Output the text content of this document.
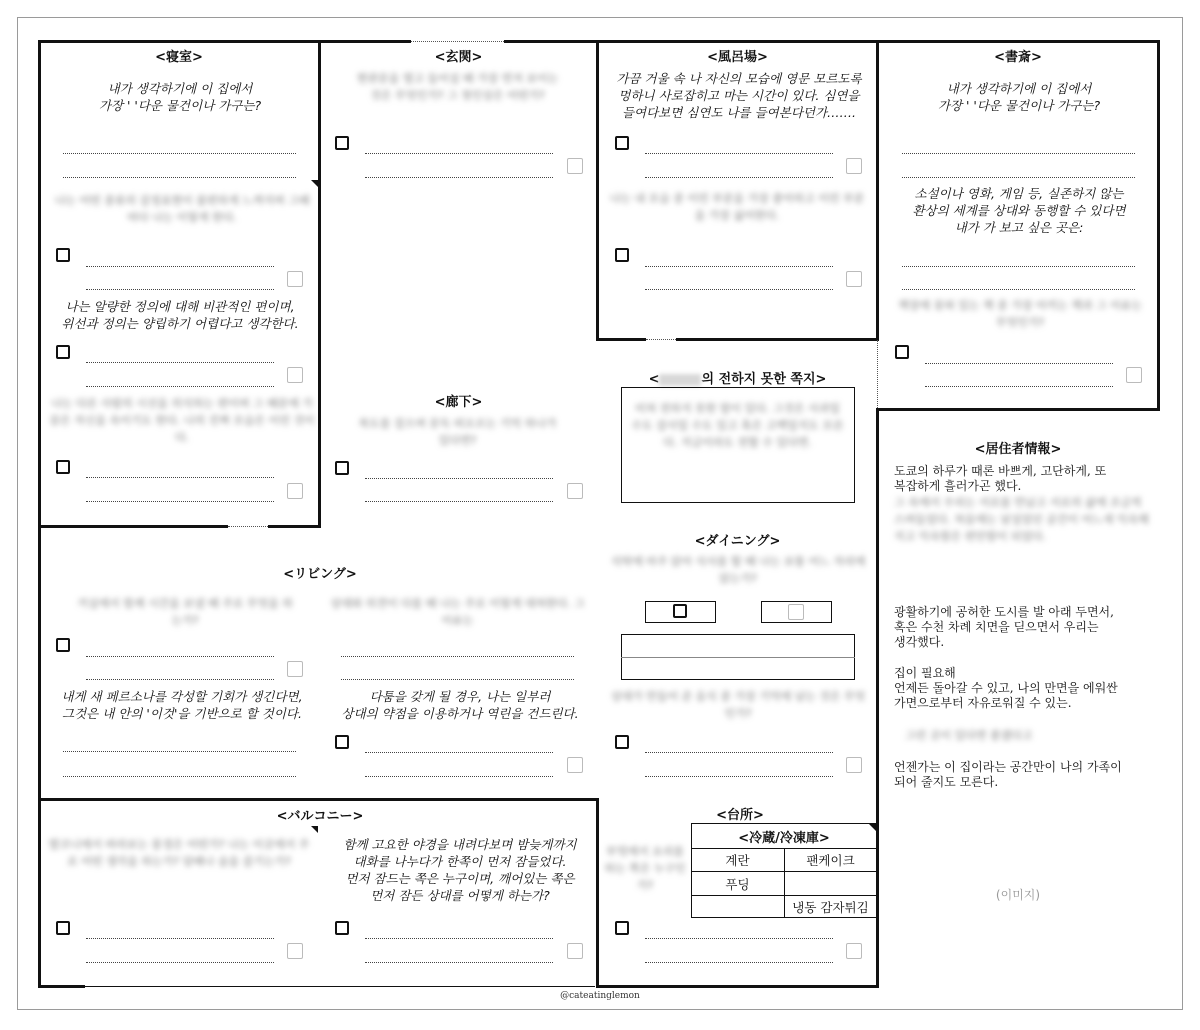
<寝室>
내가 생각하기에 이 집에서
가장 ' '다운 물건이나 가구는?
나는 어떤 종류의 감정표현이 불편하게 느껴지며 그때마다 나는 이렇게 한다.
나는 알량한 정의에 대해 비관적인 편이며,
위선과 정의는 양립하기 어렵다고 생각한다.
나는 다른 사람의 시선을 의식하는 편이며 그 때문에 가끔은 자신을 속이기도 한다. 나의 진짜 모습은 이런 것이다.
<玄関>
현관문을 열고 들어설 때 가장 먼저 보이는 것은 무엇인가? 그 첫인상은 어떤가?
<廊下>
복도를 걸으며 문득 떠오르는 기억 하나가 있다면?
<風呂場>
가끔 거울 속 나 자신의 모습에 영문 모르도록
멍하니 사로잡히고 마는 시간이 있다. 심연을
들여다보면 심연도 나를 들여본다던가…….
나는 내 모습 중 이런 부분을 가장 좋아하고 이런 부분을 가장 싫어한다.
<書斎>
내가 생각하기에 이 집에서
가장 ' '다운 물건이나 가구는?
소설이나 영화, 게임 등, 실존하지 않는
환상의 세계를 상대와 동행할 수 있다면
내가 가 보고 싶은 곳은:
책장에 꽂혀 있는 책 중 가장 아끼는 책과 그 이유는 무엇인가?
<	의 전하지 못한 쪽지>
미처 전하지 못한 말이 있다. 그것은 사과일 수도 감사일 수도 있고 혹은 고백일지도 모른다. 지금이라도 전할 수 있다면.
<リビング>
거실에서 함께 시간을 보낼 때 주로 무엇을 하는가?
상대와 의견이 다를 때 나는 주로 이렇게 대처한다. 그 이유는
내게 새 페르소나를 각성할 기회가 생긴다면,
그것은 내 안의 '이것'을 기반으로 할 것이다.
다툼을 갖게 될 경우, 나는 일부러
상대의 약점을 이용하거나 역린을 건드린다.
<ダイニング>
식탁에 마주 앉아 식사를 할 때 나는 보통 어느 자리에 앉는가?
상대가 만들어 준 음식 중 가장 기억에 남는 것은 무엇인가?
<バルコニー>
발코니에서 바라보는 풍경은 어떤가? 나는 이곳에서 주로 어떤 생각을 하는가? 담배나 술을 즐기는가?
함께 고요한 야경을 내려다보며 밤늦게까지
대화를 나누다가 한쪽이 먼저 잠들었다.
먼저 잠드는 쪽은 누구이며, 깨어있는 쪽은
먼저 잠든 상대를 어떻게 하는가?
<台所>
부엌에서 요리를 하는 쪽은 누구인가?
<冷蔵/冷凍庫>
계란	팬케이크
푸딩
냉동 감자튀김
<居住者情報>
도쿄의 하루가 때론 바쁘게, 고단하게, 또
복잡하게 흘러가곤 했다.
그 속에서 우리는 서로를 만났고 서로의 삶에 조금씩 스며들었다. 처음에는 낯설었던 공간이 어느새 익숙해지고 익숙함은 편안함이 되었다.
광활하기에 공허한 도시를 발 아래 두면서,
혹은 수천 차례 치면을 딛으면서 우리는
생각했다.
집이 필요해
언제든 돌아갈 수 있고, 나의 만면을 에워싼
가면으로부터 자유로워질 수 있는.
그런 곳이 있다면 좋겠다고
언젠가는 이 집이라는 공간만이 나의 가족이
되어 줄지도 모른다.
(이미지)
@cateatinglemon
